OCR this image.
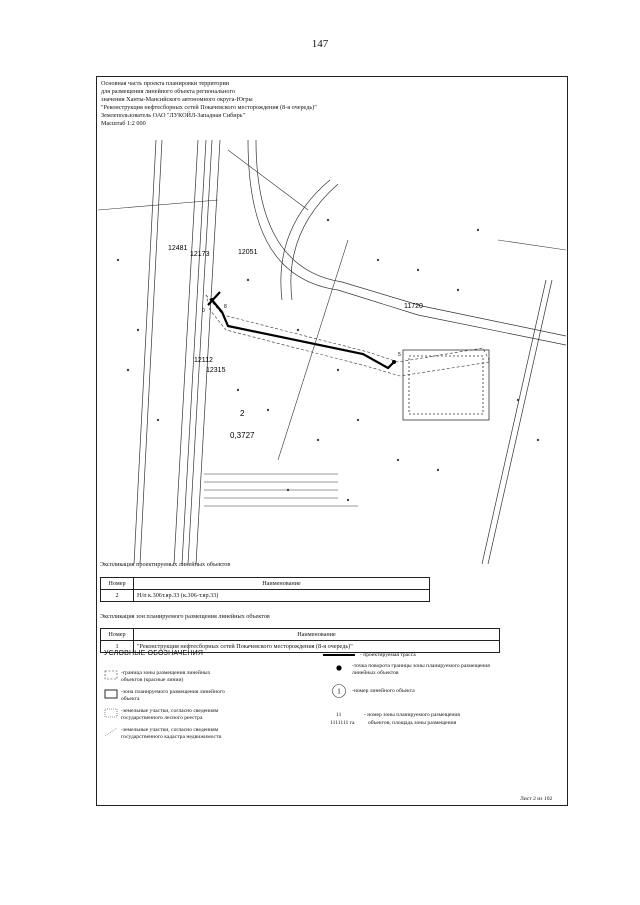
147
Основная часть проекта планировки территории
для размещения линейного объекта регионального
значения Ханты-Мансийского автономного округа-Югры
"Реконструкция нефтесборных сетей Покачевского месторождения (8-я очередь)"
Землепользователь ОАО "ЛУКОЙЛ-Западная Сибирь"
Масштаб 1:2 000
12481
12173	12051
11720
12112
12315
2
0,3727
0
8
5
Экспликация проектируемых линейных объектов
Номер	Наименование
2	Н/п к.306т.яр.33 (к.306-т.яр.33)
Экспликация зон планируемого размещения линейных объектов
Номер	Наименование
1	"Реконструкция нефтесборных сетей Покачевского месторождения (8-я очередь)"
УСЛОВНЫЕ ОБОЗНАЧЕНИЯ
-граница зоны размещения линейных объектов (красные линии)
-зона планируемого размещения линейного объекта
-земельные участки, согласно сведениям государственного лесного реестра
-земельные участки, согласно сведениям государственного кадастра недвижимости
- проектируемая трасса
-точка поворота границы зоны планируемого размещения линейных объектов
1 -номер линейного объекта
11	- номер зоны планируемого размещения
1111111 га объектов, площадь зоны размещения
Лист 2 из 102
